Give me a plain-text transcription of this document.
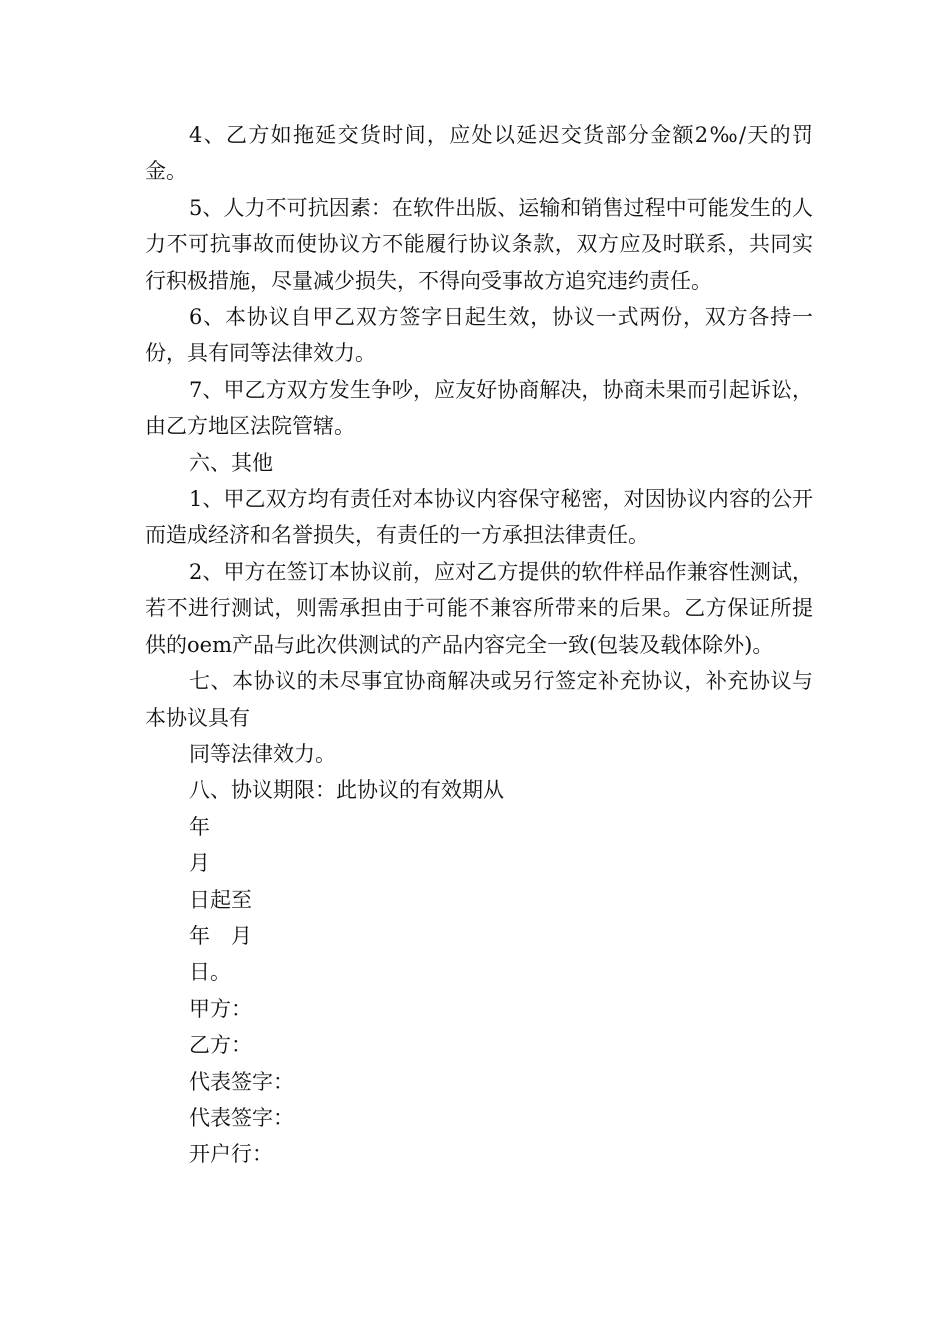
4、乙方如拖延交货时间，应处以延迟交货部分金额2‰/天的罚金。

5、人力不可抗因素：在软件出版、运输和销售过程中可能发生的人力不可抗事故而使协议方不能履行协议条款，双方应及时联系，共同实行积极措施，尽量减少损失，不得向受事故方追究违约责任。

6、本协议自甲乙双方签字日起生效，协议一式两份，双方各持一份，具有同等法律效力。

7、甲乙方双方发生争吵，应友好协商解决，协商未果而引起诉讼，由乙方地区法院管辖。

六、其他

1、甲乙双方均有责任对本协议内容保守秘密，对因协议内容的公开而造成经济和名誉损失，有责任的一方承担法律责任。

2、甲方在签订本协议前，应对乙方提供的软件样品作兼容性测试，若不进行测试，则需承担由于可能不兼容所带来的后果。乙方保证所提供的oem产品与此次供测试的产品内容完全一致(包装及载体除外)。

七、本协议的未尽事宜协商解决或另行签定补充协议，补充协议与本协议具有

同等法律效力。

八、协议期限：此协议的有效期从

年

月

日起至

年　月

日。

甲方：

乙方：

代表签字：

代表签字：

开户行：
